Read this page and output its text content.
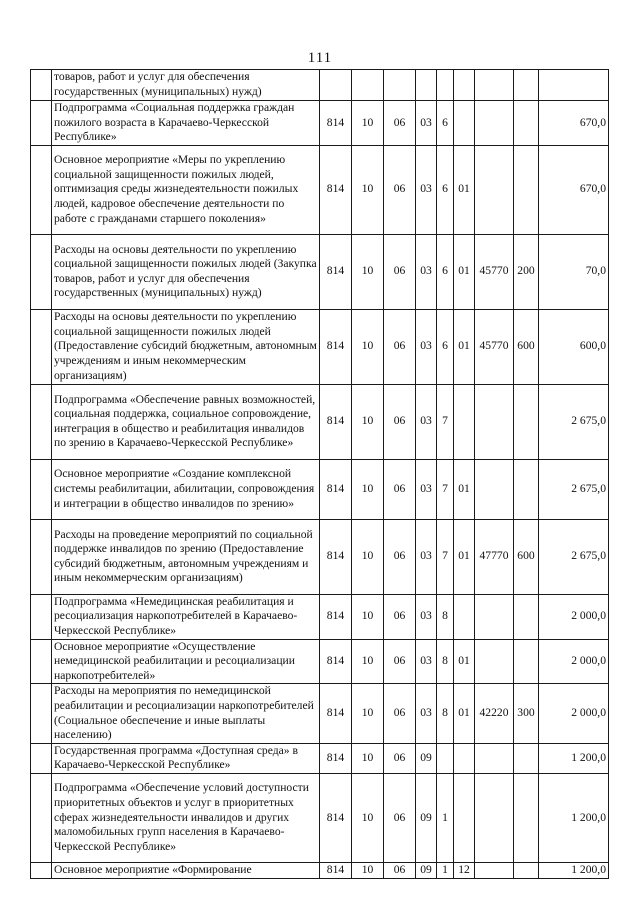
111
	товаров, работ и услуг для обеспечения государственных (муниципальных) нужд)									
	Подпрограмма «Социальная поддержка граждан пожилого возраста в Карачаево-Черкесской Республике»	814	10	06	03	6				670,0
	Основное мероприятие «Меры по укреплению социальной защищенности пожилых людей, оптимизация среды жизнедеятельности пожилых людей, кадровое обеспечение деятельности по работе с гражданами старшего поколения»	814	10	06	03	6	01			670,0
	Расходы на основы деятельности по укреплению социальной защищенности пожилых людей (Закупка товаров, работ и услуг для обеспечения государственных (муниципальных) нужд)	814	10	06	03	6	01	45770	200	70,0
	Расходы на основы деятельности по укреплению социальной защищенности пожилых людей (Предоставление субсидий бюджетным, автономным учреждениям и иным некоммерческим организациям)	814	10	06	03	6	01	45770	600	600,0
	Подпрограмма «Обеспечение равных возможностей, социальная поддержка, социальное сопровождение, интеграция в общество и реабилитация инвалидов по зрению в Карачаево-Черкесской Республике»	814	10	06	03	7				2 675,0
	Основное мероприятие «Создание комплексной системы реабилитации, абилитации, сопровождения и интеграции в общество инвалидов по зрению»	814	10	06	03	7	01			2 675,0
	Расходы на проведение мероприятий по социальной поддержке инвалидов по зрению (Предоставление субсидий бюджетным, автономным учреждениям и иным некоммерческим организациям)	814	10	06	03	7	01	47770	600	2 675,0
	Подпрограмма «Немедицинская реабилитация и ресоциализация наркопотребителей в Карачаево-Черкесской Республике»	814	10	06	03	8				2 000,0
	Основное мероприятие «Осуществление немедицинской реабилитации и ресоциализации наркопотребителей»	814	10	06	03	8	01			2 000,0
	Расходы на мероприятия по немедицинской реабилитации и ресоциализации наркопотребителей (Социальное обеспечение и иные выплаты населению)	814	10	06	03	8	01	42220	300	2 000,0
	Государственная программа «Доступная среда» в Карачаево-Черкесской Республике»	814	10	06	09					1 200,0
	Подпрограмма «Обеспечение условий доступности приоритетных объектов и услуг в приоритетных сферах жизнедеятельности инвалидов и других маломобильных групп населения в Карачаево-Черкесской Республике»	814	10	06	09	1				1 200,0
	Основное мероприятие «Формирование	814	10	06	09	1	12			1 200,0
